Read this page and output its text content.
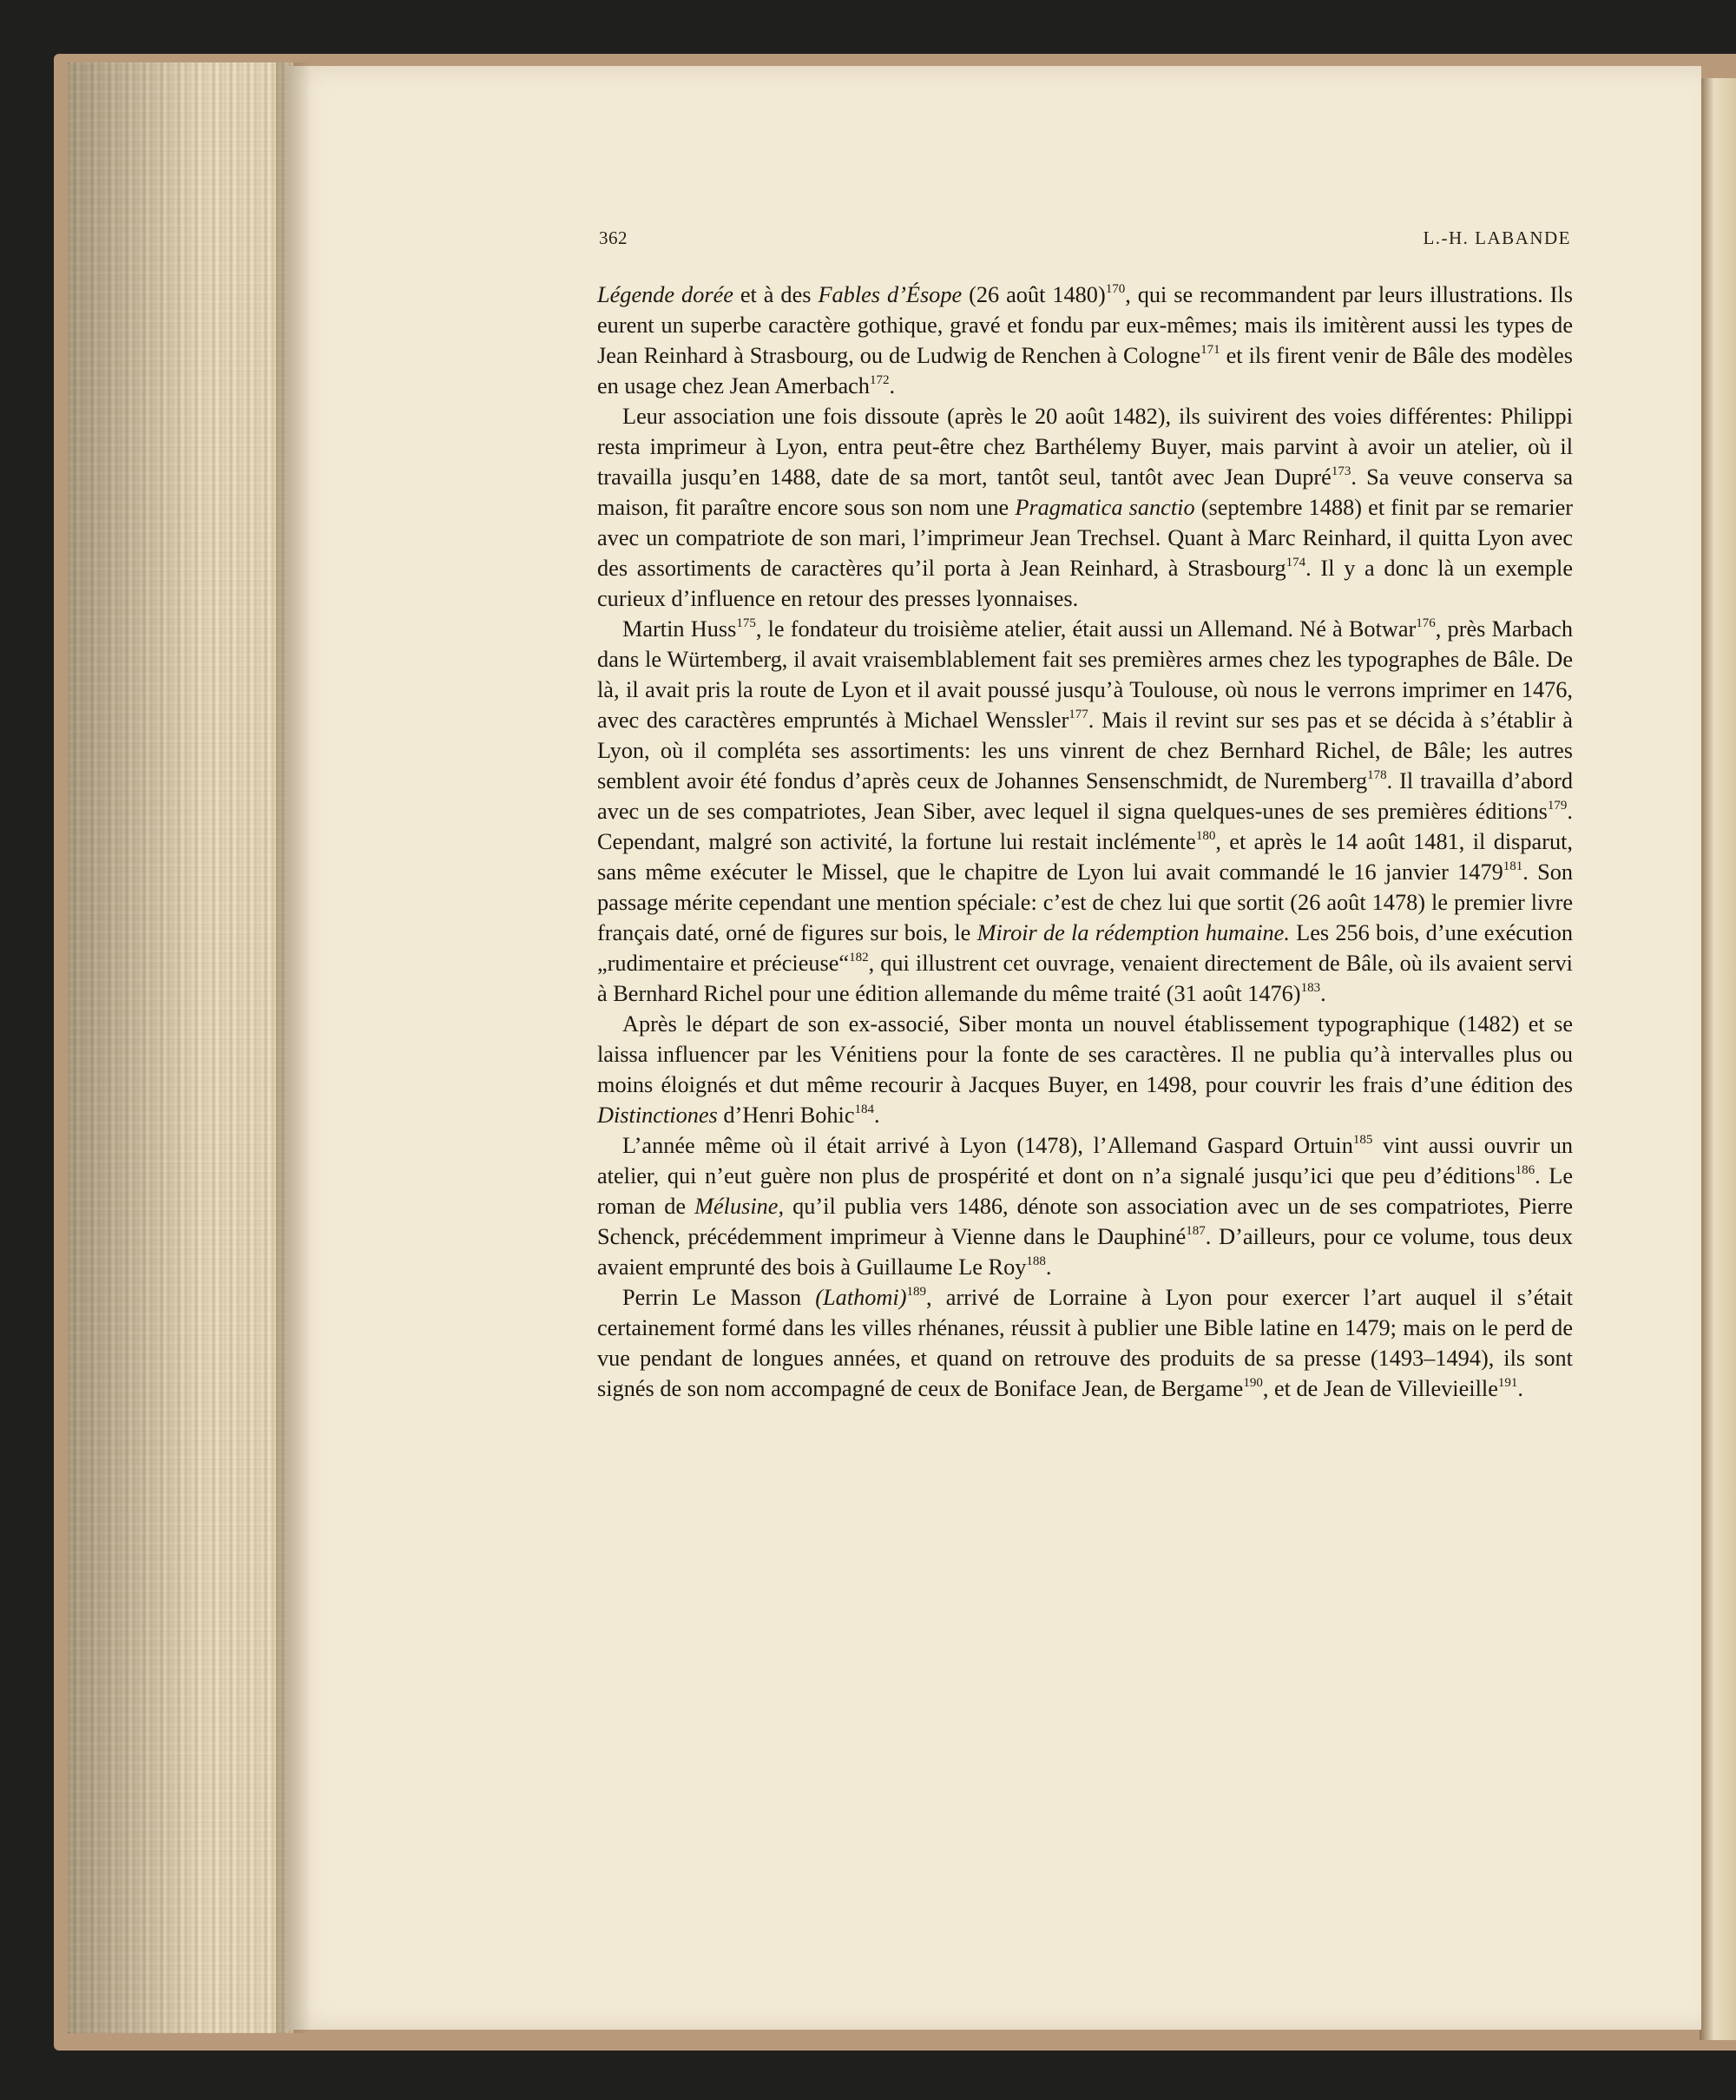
362	L.-H. LABANDE

Légende dorée et à des Fables d’Ésope (26 août 1480)$^{170}$, qui se recommandent par leurs illustrations. Ils eurent un superbe caractère gothique, gravé et fondu par eux-mêmes; mais ils imitèrent aussi les types de Jean Reinhard à Strasbourg, ou de Ludwig de Renchen à Cologne$^{171}$ et ils firent venir de Bâle des modèles en usage chez Jean Amerbach$^{172}$.

Leur association une fois dissoute (après le 20 août 1482), ils suivirent des voies différentes: Philippi resta imprimeur à Lyon, entra peut-être chez Barthélemy Buyer, mais parvint à avoir un atelier, où il travailla jusqu’en 1488, date de sa mort, tantôt seul, tantôt avec Jean Dupré$^{173}$. Sa veuve conserva sa maison, fit paraître encore sous son nom une Pragmatica sanctio (septembre 1488) et finit par se remarier avec un compatriote de son mari, l’imprimeur Jean Trechsel. Quant à Marc Reinhard, il quitta Lyon avec des assortiments de caractères qu’il porta à Jean Reinhard, à Strasbourg$^{174}$. Il y a donc là un exemple curieux d’influence en retour des presses lyonnaises.

Martin Huss$^{175}$, le fondateur du troisième atelier, était aussi un Allemand. Né à Botwar$^{176}$, près Marbach dans le Würtemberg, il avait vraisemblablement fait ses premières armes chez les typographes de Bâle. De là, il avait pris la route de Lyon et il avait poussé jusqu’à Toulouse, où nous le verrons imprimer en 1476, avec des caractères empruntés à Michael Wenssler$^{177}$. Mais il revint sur ses pas et se décida à s’établir à Lyon, où il compléta ses assortiments: les uns vinrent de chez Bernhard Richel, de Bâle; les autres semblent avoir été fondus d’après ceux de Johannes Sensenschmidt, de Nuremberg$^{178}$. Il travailla d’abord avec un de ses compatriotes, Jean Siber, avec lequel il signa quelques-unes de ses premières éditions$^{179}$. Cependant, malgré son activité, la fortune lui restait inclémente$^{180}$, et après le 14 août 1481, il disparut, sans même exécuter le Missel, que le chapitre de Lyon lui avait commandé le 16 janvier 1479$^{181}$. Son passage mérite cependant une mention spéciale: c’est de chez lui que sortit (26 août 1478) le premier livre français daté, orné de figures sur bois, le Miroir de la rédemption humaine. Les 256 bois, d’une exécution „rudimentaire et précieuse“$^{182}$, qui illustrent cet ouvrage, venaient directement de Bâle, où ils avaient servi à Bernhard Richel pour une édition allemande du même traité (31 août 1476)$^{183}$.

Après le départ de son ex-associé, Siber monta un nouvel établissement typographique (1482) et se laissa influencer par les Vénitiens pour la fonte de ses caractères. Il ne publia qu’à intervalles plus ou moins éloignés et dut même recourir à Jacques Buyer, en 1498, pour couvrir les frais d’une édition des Distinctiones d’Henri Bohic$^{184}$.

L’année même où il était arrivé à Lyon (1478), l’Allemand Gaspard Ortuin$^{185}$ vint aussi ouvrir un atelier, qui n’eut guère non plus de prospérité et dont on n’a signalé jusqu’ici que peu d’éditions$^{186}$. Le roman de Mélusine, qu’il publia vers 1486, dénote son association avec un de ses compatriotes, Pierre Schenck, précédemment imprimeur à Vienne dans le Dauphiné$^{187}$. D’ailleurs, pour ce volume, tous deux avaient emprunté des bois à Guillaume Le Roy$^{188}$.

Perrin Le Masson (Lathomi)$^{189}$, arrivé de Lorraine à Lyon pour exercer l’art auquel il s’était certainement formé dans les villes rhénanes, réussit à publier une Bible latine en 1479; mais on le perd de vue pendant de longues années, et quand on retrouve des produits de sa presse (1493–1494), ils sont signés de son nom accompagné de ceux de Boniface Jean, de Bergame$^{190}$, et de Jean de Villevieille$^{191}$.
